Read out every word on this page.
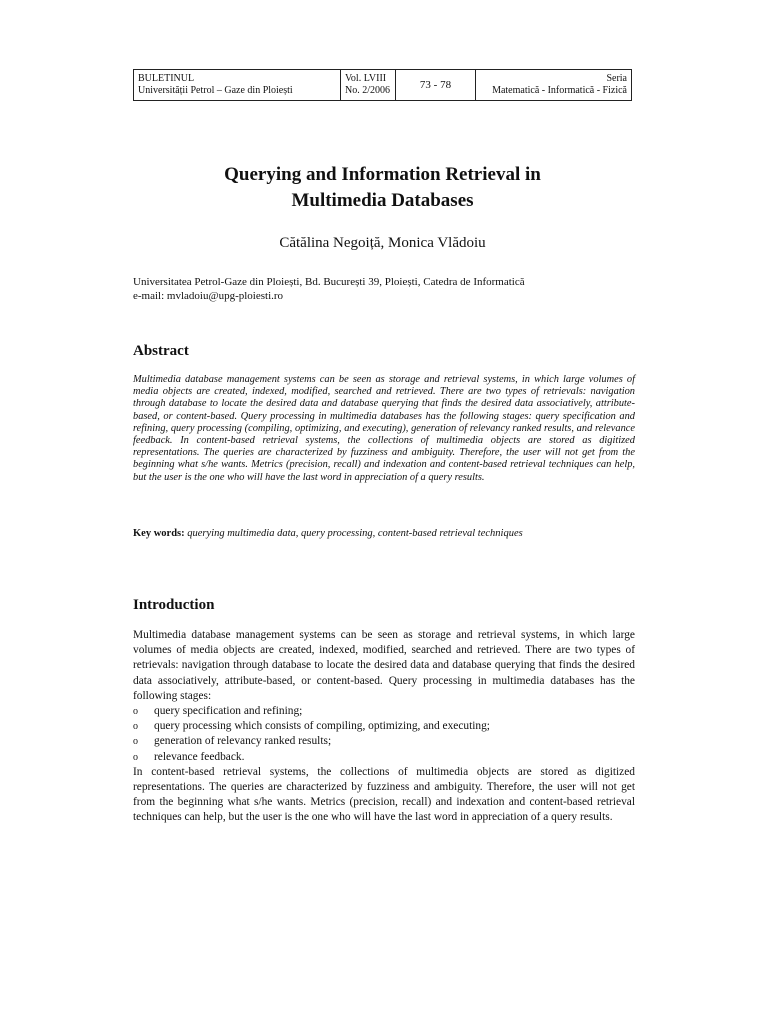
BULETINUL
Universității Petrol – Gaze din Ploiești

Vol. LVIII
No. 2/2006	73 - 78	
Seria
Matematică - Informatică - Fizică
Querying and Information Retrieval in
Multimedia Databases
Cătălina Negoiță, Monica Vlădoiu
Universitatea Petrol-Gaze din Ploiești, Bd. București 39, Ploiești, Catedra de Informatică
e-mail: mvladoiu@upg-ploiesti.ro
Abstract
Multimedia database management systems can be seen as storage and retrieval systems, in which large volumes of media objects are created, indexed, modified, searched and retrieved. There are two types of retrievals: navigation through database to locate the desired data and database querying that finds the desired data associatively, attribute-based, or content-based. Query processing in multimedia databases has the following stages: query specification and refining, query processing (compiling, optimizing, and executing), generation of relevancy ranked results, and relevance feedback. In content-based retrieval systems, the collections of multimedia objects are stored as digitized representations. The queries are characterized by fuzziness and ambiguity. Therefore, the user will not get from the beginning what s/he wants. Metrics (precision, recall) and indexation and content-based retrieval techniques can help, but the user is the one who will have the last word in appreciation of a query results.
Key words: querying multimedia data, query processing, content-based retrieval techniques
Introduction

Multimedia database management systems can be seen as storage and retrieval systems, in which large volumes of media objects are created, indexed, modified, searched and retrieved. There are two types of retrievals: navigation through database to locate the desired data and database querying that finds the desired data associatively, attribute-based, or content-based. Query processing in multimedia databases has the following stages:

o query specification and refining;
o query processing which consists of compiling, optimizing, and executing;
o generation of relevancy ranked results;
o relevance feedback.

In content-based retrieval systems, the collections of multimedia objects are stored as digitized representations. The queries are characterized by fuzziness and ambiguity. Therefore, the user will not get from the beginning what s/he wants. Metrics (precision, recall) and indexation and content-based retrieval techniques can help, but the user is the one who will have the last word in appreciation of a query results.
